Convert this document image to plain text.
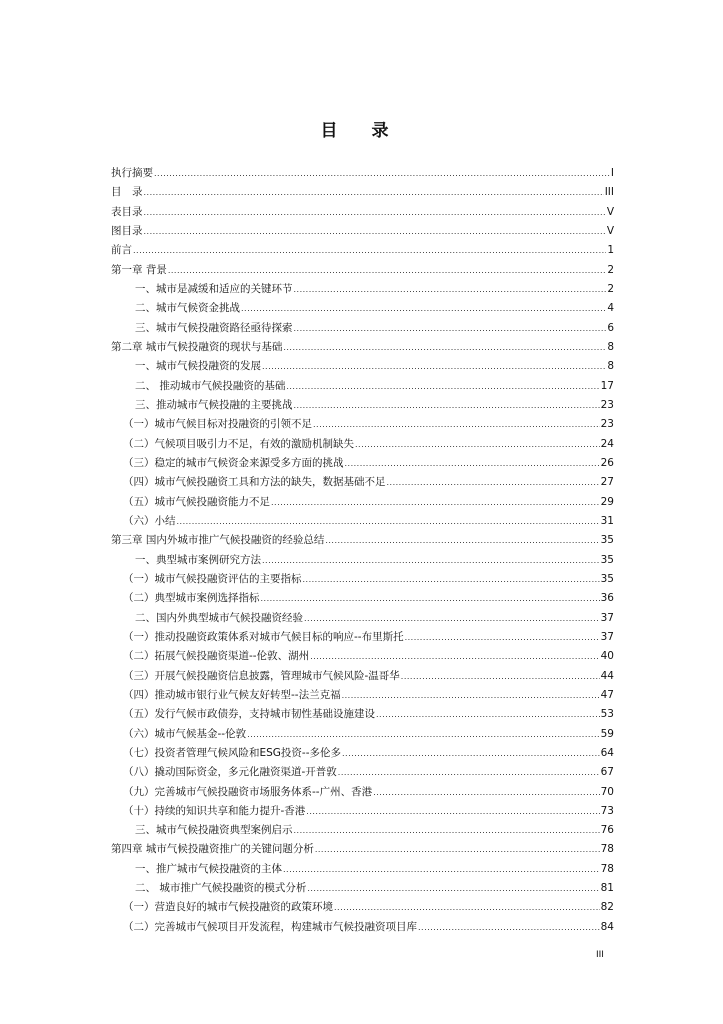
目 录
执行摘要 .....	I
目　录 .....	III
表目录 .....	V
图目录 .....	V
前言 .....	1
第一章 背景 .....	2
一、城市是减缓和适应的关键环节 .....	2
二、城市气候资金挑战 .....	4
三、城市气候投融资路径亟待探索 .....	6
第二章 城市气候投融资的现状与基础 .....	8
一、城市气候投融资的发展 .....	8
二、 推动城市气候投融资的基础 .....	17
三、推动城市气候投融的主要挑战 .....	23
（一）城市气候目标对投融资的引领不足 .....	23
（二）气候项目吸引力不足，有效的激励机制缺失 .....	24
（三）稳定的城市气候资金来源受多方面的挑战 .....	26
（四）城市气候投融资工具和方法的缺失，数据基础不足 .....	27
（五）城市气候投融资能力不足 .....	29
（六）小结 .....	31
第三章 国内外城市推广气候投融资的经验总结 .....	35
一、典型城市案例研究方法 .....	35
（一）城市气候投融资评估的主要指标 .....	35
（二）典型城市案例选择指标 .....	36
二、国内外典型城市气候投融资经验 .....	37
（一）推动投融资政策体系对城市气候目标的响应--布里斯托 .....	37
（二）拓展气候投融资渠道--伦敦、湖州 .....	40
（三）开展气候投融资信息披露，管理城市气候风险-温哥华 .....	44
（四）推动城市银行业气候友好转型--法兰克福 .....	47
（五）发行气候市政债券，支持城市韧性基础设施建设 .....	53
（六）城市气候基金--伦敦 .....	59
（七）投资者管理气候风险和ESG投资--多伦多 .....	64
（八）撬动国际资金，多元化融资渠道-开普敦 .....	67
（九）完善城市气候投融资市场服务体系--广州、香港 .....	70
（十）持续的知识共享和能力提升-香港 .....	73
三、城市气候投融资典型案例启示 .....	76
第四章 城市气候投融资推广的关键问题分析 .....	78
一、推广城市气候投融资的主体 .....	78
二、 城市推广气候投融资的模式分析 .....	81
（一）营造良好的城市气候投融资的政策环境 .....	82
（二）完善城市气候项目开发流程，构建城市气候投融资项目库 .....	84
III
